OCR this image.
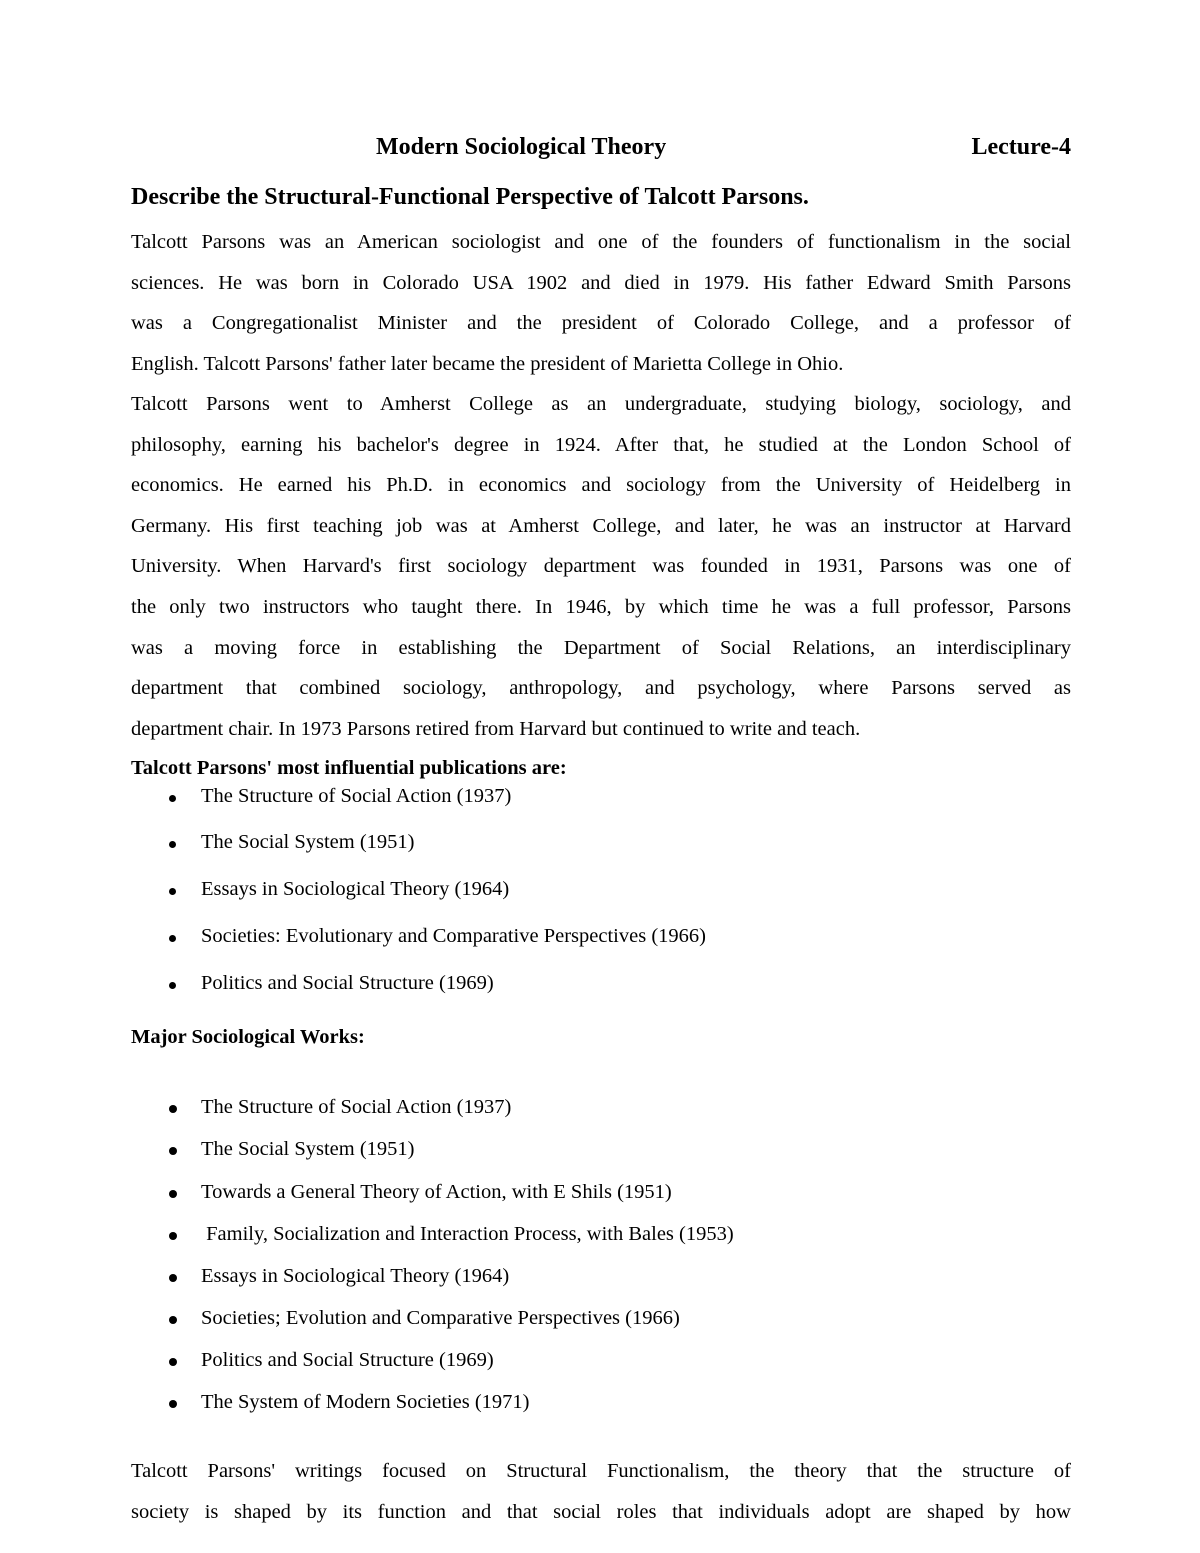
Modern Sociological Theory	Lecture-4
Describe the Structural-Functional Perspective of Talcott Parsons.
Talcott Parsons was an American sociologist and one of the founders of functionalism in the social
sciences. He was born in Colorado USA 1902 and died in 1979. His father Edward Smith Parsons
was a Congregationalist Minister and the president of Colorado College, and a professor of
English. Talcott Parsons' father later became the president of Marietta College in Ohio.
Talcott Parsons went to Amherst College as an undergraduate, studying biology, sociology, and
philosophy, earning his bachelor's degree in 1924. After that, he studied at the London School of
economics. He earned his Ph.D. in economics and sociology from the University of Heidelberg in
Germany. His first teaching job was at Amherst College, and later, he was an instructor at Harvard
University. When Harvard's first sociology department was founded in 1931, Parsons was one of
the only two instructors who taught there. In 1946, by which time he was a full professor, Parsons
was a moving force in establishing the Department of Social Relations, an interdisciplinary
department that combined sociology, anthropology, and psychology, where Parsons served as
department chair. In 1973 Parsons retired from Harvard but continued to write and teach.
Talcott Parsons' most influential publications are:
The Structure of Social Action (1937)
The Social System (1951)
Essays in Sociological Theory (1964)
Societies: Evolutionary and Comparative Perspectives (1966)
Politics and Social Structure (1969)
Major Sociological Works:
The Structure of Social Action (1937)
The Social System (1951)
Towards a General Theory of Action, with E Shils (1951)
Family, Socialization and Interaction Process, with Bales (1953)
Essays in Sociological Theory (1964)
Societies; Evolution and Comparative Perspectives (1966)
Politics and Social Structure (1969)
The System of Modern Societies (1971)
Talcott Parsons' writings focused on Structural Functionalism, the theory that the structure of
society is shaped by its function and that social roles that individuals adopt are shaped by how
